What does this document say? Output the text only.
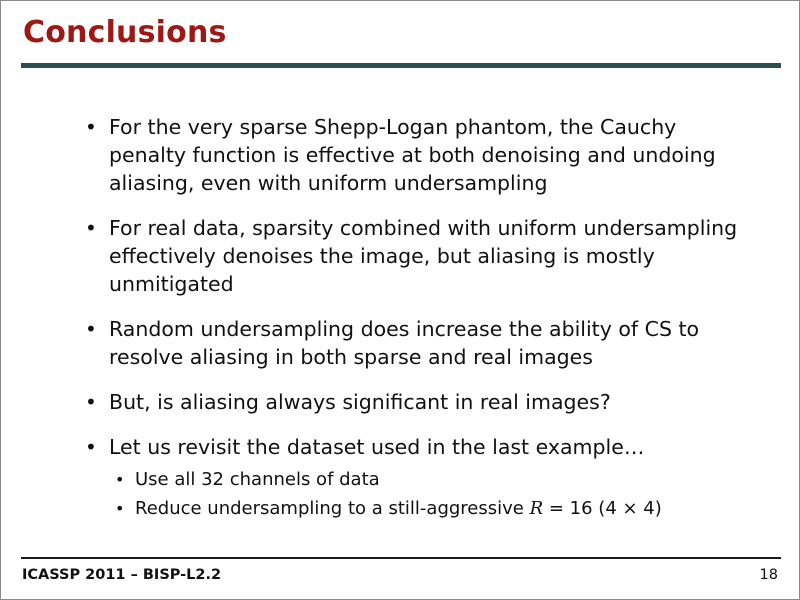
Conclusions
• For the very sparse Shepp-Logan phantom, the Cauchy penalty function is effective at both denoising and undoing aliasing, even with uniform undersampling
• For real data, sparsity combined with uniform undersampling effectively denoises the image, but aliasing is mostly unmitigated
• Random undersampling does increase the ability of CS to resolve aliasing in both sparse and real images
• But, is aliasing always significant in real images?
• Let us revisit the dataset used in the last example…
• Use all 32 channels of data
• Reduce undersampling to a still-aggressive R = 16 (4 × 4)
ICASSP 2011 – BISP-L2.2	18
